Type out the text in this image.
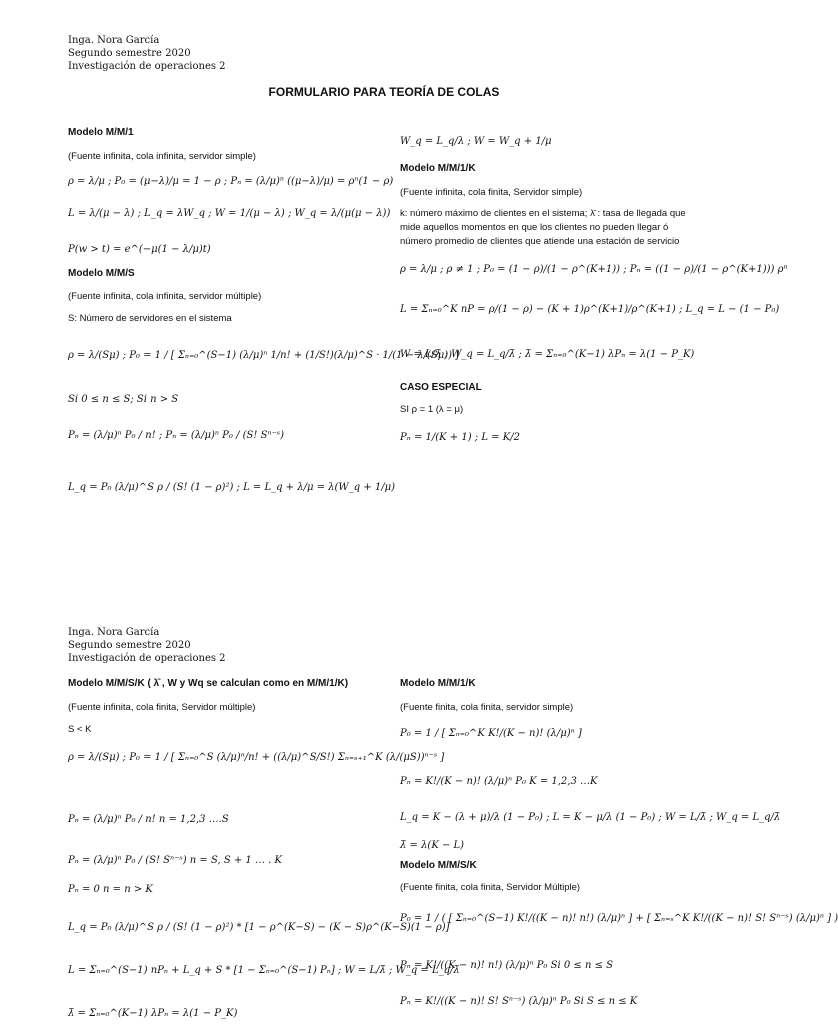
Inga. Nora García
Segundo semestre 2020
Investigación de operaciones 2
FORMULARIO PARA TEORÍA DE COLAS
Modelo M/M/1
(Fuente infinita, cola infinita, servidor simple)
ρ = λ/μ ; P₀ = (μ−λ)/μ = 1 − ρ ; Pₙ = (λ/μ)ⁿ ((μ−λ)/μ) = ρⁿ(1 − ρ)
L = λ/(μ − λ) ; L_q = λW_q ; W = 1/(μ − λ) ; W_q = λ/(μ(μ − λ))
P(w > t) = e^(−μ(1 − λ/μ)t)
Modelo M/M/S
(Fuente infinita, cola infinita, servidor múltiple)
S: Número de servidores en el sistema
ρ = λ/(Sμ) ; P₀ = 1 / [ Σₙ₌₀^(S−1) (λ/μ)ⁿ 1/n! + (1/S!)(λ/μ)^S · 1/(1 − λ/(Sμ)) ]
Si 0 ≤ n ≤ S; Si n > S
Pₙ = (λ/μ)ⁿ P₀ / n! ; Pₙ = (λ/μ)ⁿ P₀ / (S! Sⁿ⁻ˢ)
L_q = P₀ (λ/μ)^S ρ / (S! (1 − ρ)²) ; L = L_q + λ/μ = λ(W_q + 1/μ)
W_q = L_q/λ ; W = W_q + 1/μ
Modelo M/M/1/K
(Fuente infinita, cola finita, Servidor simple)
k: número máximo de clientes en el sistema; λ̄ : tasa de llegada que mide aquellos momentos en que los clientes no pueden llegar ó número promedio de clientes que atiende una estación de servicio
ρ = λ/μ ; ρ ≠ 1 ; P₀ = (1 − ρ)/(1 − ρ^(K+1)) ; Pₙ = ((1 − ρ)/(1 − ρ^(K+1))) ρⁿ
L = Σₙ₌₀^K nP = ρ/(1 − ρ) − (K + 1)ρ^(K+1)/ρ^(K+1) ; L_q = L − (1 − P₀)
W = L/λ̄ ; W_q = L_q/λ̄ ; λ̄ = Σₙ₌₀^(K−1) λPₙ = λ(1 − P_K)
CASO ESPECIAL
SI ρ = 1 (λ = μ)
Pₙ = 1/(K + 1) ; L = K/2
Inga. Nora García
Segundo semestre 2020
Investigación de operaciones 2
Modelo M/M/S/K ( λ̄ , W y Wq se calculan como en M/M/1/K)
(Fuente infinita, cola finita, Servidor múltiple)
S < K
ρ = λ/(Sμ) ; P₀ = 1 / [ Σₙ₌₀^S (λ/μ)ⁿ/n! + ((λ/μ)^S/S!) Σₙ₌ₛ₊₁^K (λ/(μS))ⁿ⁻ˢ ]
Pₙ = (λ/μ)ⁿ P₀ / n! n = 1,2,3 ….S
Pₙ = (λ/μ)ⁿ P₀ / (S! Sⁿ⁻ˢ) n = S, S + 1 … . K
Pₙ = 0 n = n > K
L_q = P₀ (λ/μ)^S ρ / (S! (1 − ρ)²) * [1 − ρ^(K−S) − (K − S)ρ^(K−S)(1 − ρ)]
L = Σₙ₌₀^(S−1) nPₙ + L_q + S * [1 − Σₙ₌₀^(S−1) Pₙ] ; W = L/λ̄ ; W_q = L_q/λ̄
λ̄ = Σₙ₌₀^(K−1) λPₙ = λ(1 − P_K)
Modelo M/M/1/K
(Fuente finita, cola finita, servidor simple)
P₀ = 1 / [ Σₙ₌₀^K K!/(K − n)! (λ/μ)ⁿ ]
Pₙ = K!/(K − n)! (λ/μ)ⁿ P₀ K = 1,2,3 …K
L_q = K − (λ + μ)/λ (1 − P₀) ; L = K − μ/λ (1 − P₀) ; W = L/λ̄ ; W_q = L_q/λ̄
λ̄ = λ(K − L)
Modelo M/M/S/K
(Fuente finita, cola finita, Servidor Múltiple)
P₀ = 1 / ( [ Σₙ₌₀^(S−1) K!/((K − n)! n!) (λ/μ)ⁿ ] + [ Σₙ₌ₛ^K K!/((K − n)! S! Sⁿ⁻ˢ) (λ/μ)ⁿ ] )
Pₙ = K!/((K − n)! n!) (λ/μ)ⁿ P₀ Si 0 ≤ n ≤ S
Pₙ = K!/((K − n)! S! Sⁿ⁻ˢ) (λ/μ)ⁿ P₀ Si S ≤ n ≤ K
